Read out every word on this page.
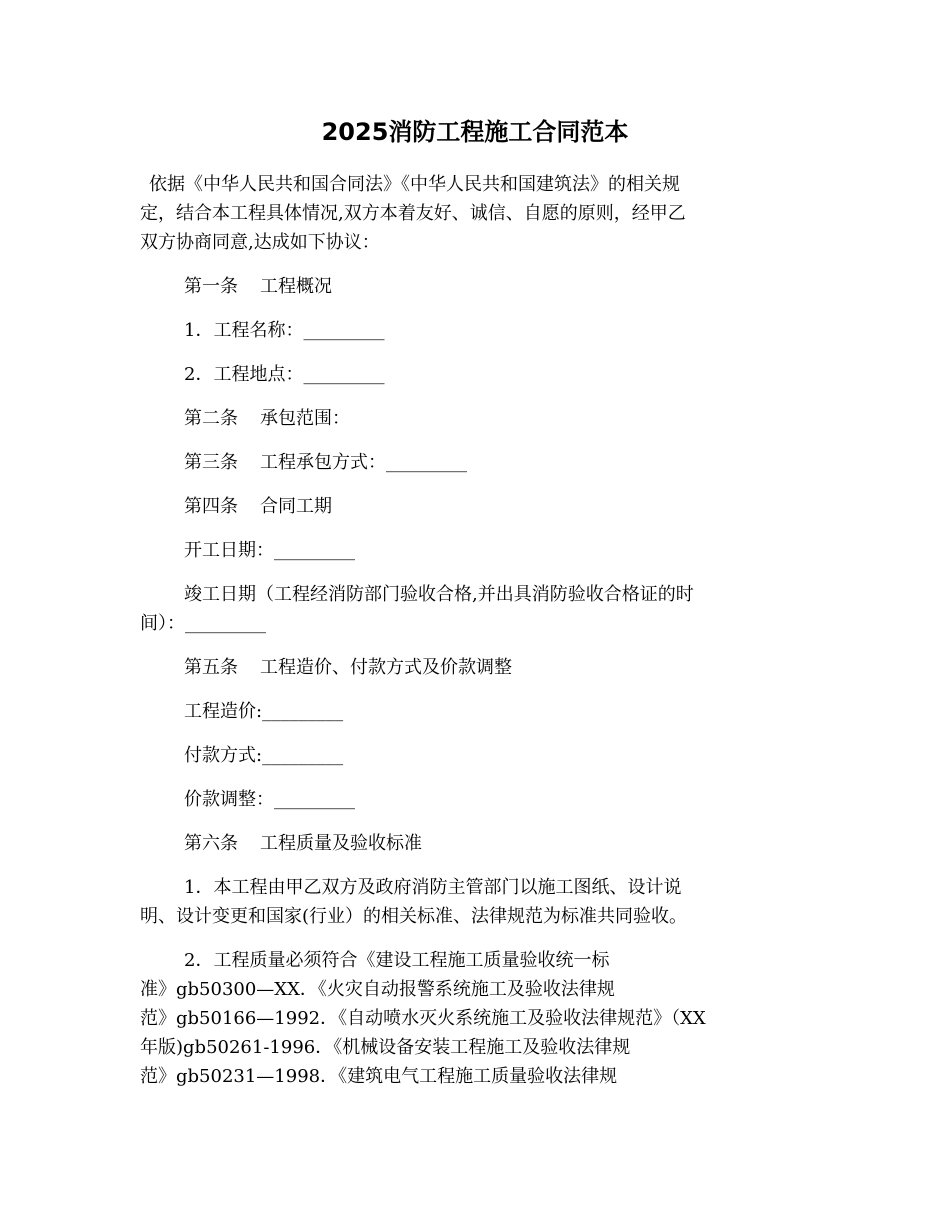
2025消防工程施工合同范本

依据《中华人民共和国合同法》《中华人民共和国建筑法》的相关规
定，结合本工程具体情况,双方本着友好、诚信、自愿的原则，经甲乙
双方协商同意,达成如下协议：

第一条 工程概况

1．工程名称：_________

2．工程地点：_________

第二条 承包范围：

第三条 工程承包方式：_________

第四条 合同工期

开工日期：_________

竣工日期（工程经消防部门验收合格,并出具消防验收合格证的时
间）：_________

第五条 工程造价、付款方式及价款调整

工程造价:_________

付款方式:_________

价款调整：_________

第六条 工程质量及验收标准

1．本工程由甲乙双方及政府消防主管部门以施工图纸、设计说
明、设计变更和国家(行业）的相关标准、法律规范为标准共同验收。

2．工程质量必须符合《建设工程施工质量验收统一标
准》gb50300—XX．《火灾自动报警系统施工及验收法律规
范》gb50166—1992．《自动喷水灭火系统施工及验收法律规范》（XX
年版)gb50261-1996．《机械设备安装工程施工及验收法律规
范》gb50231—1998．《建筑电气工程施工质量验收法律规
